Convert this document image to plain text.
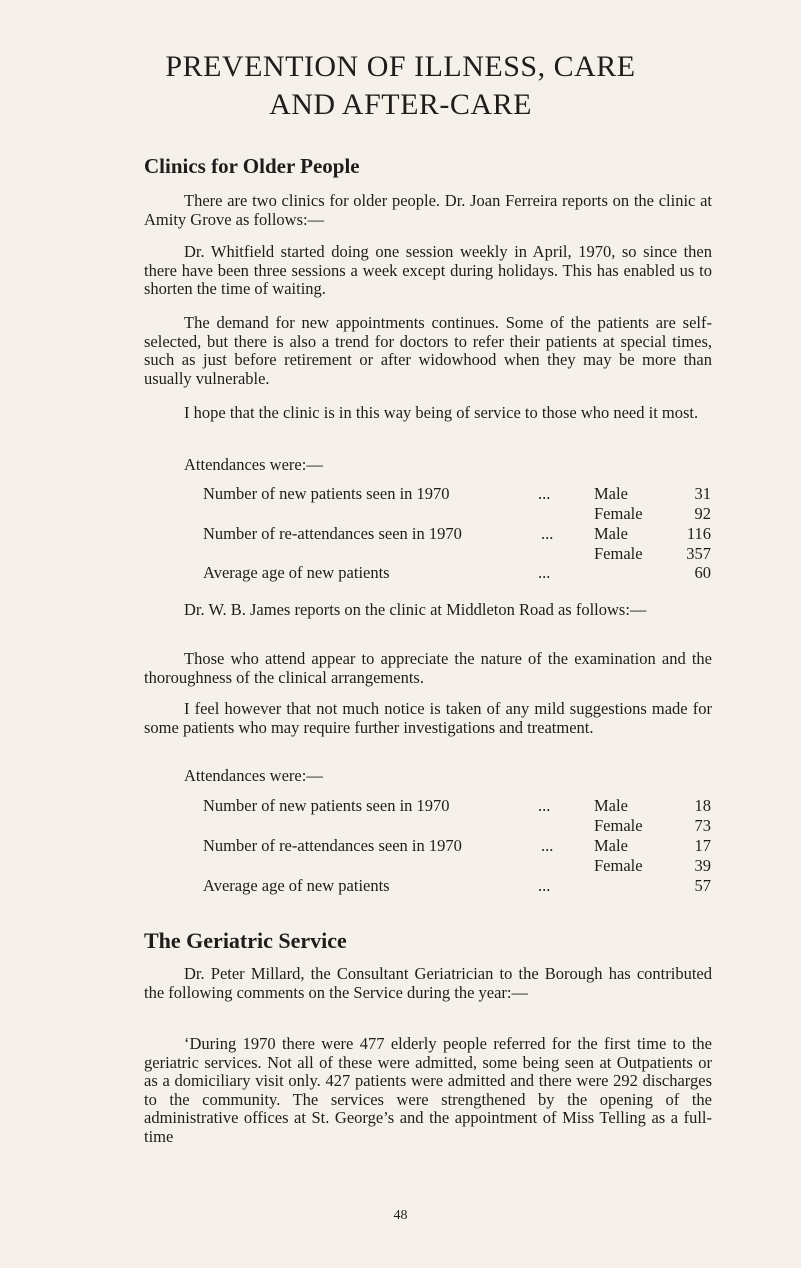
PREVENTION OF ILLNESS, CARE
AND AFTER-CARE
Clinics for Older People

There are two clinics for older people. Dr. Joan Ferreira reports on the clinic at Amity Grove as follows:—

Dr. Whitfield started doing one session weekly in April, 1970, so since then there have been three sessions a week except during holidays. This has enabled us to shorten the time of waiting.

The demand for new appointments continues. Some of the patients are self-selected, but there is also a trend for doctors to refer their patients at special times, such as just before retirement or after widowhood when they may be more than usually vulnerable.

I hope that the clinic is in this way being of service to those who need it most.

Attendances were:—
Number of new patients seen in 1970	...	Male	31
Female	92
Number of re-attendances seen in 1970	... Male	116
Female	357
Average age of new patients	...	60

Dr. W. B. James reports on the clinic at Middleton Road as follows:—

Those who attend appear to appreciate the nature of the examination and the thoroughness of the clinical arrangements.

I feel however that not much notice is taken of any mild suggestions made for some patients who may require further investigations and treatment.

Attendances were:—
Number of new patients seen in 1970	...	Male	18
Female	73
Number of re-attendances seen in 1970	... Male	17
Female	39
Average age of new patients	...	57
The Geriatric Service

Dr. Peter Millard, the Consultant Geriatrician to the Borough has contributed the following comments on the Service during the year:—

‘During 1970 there were 477 elderly people referred for the first time to the geriatric services. Not all of these were admitted, some being seen at Outpatients or as a domiciliary visit only. 427 patients were admitted and there were 292 discharges to the community. The services were strengthened by the opening of the administrative offices at St. George’s and the appointment of Miss Telling as a full-time

48
